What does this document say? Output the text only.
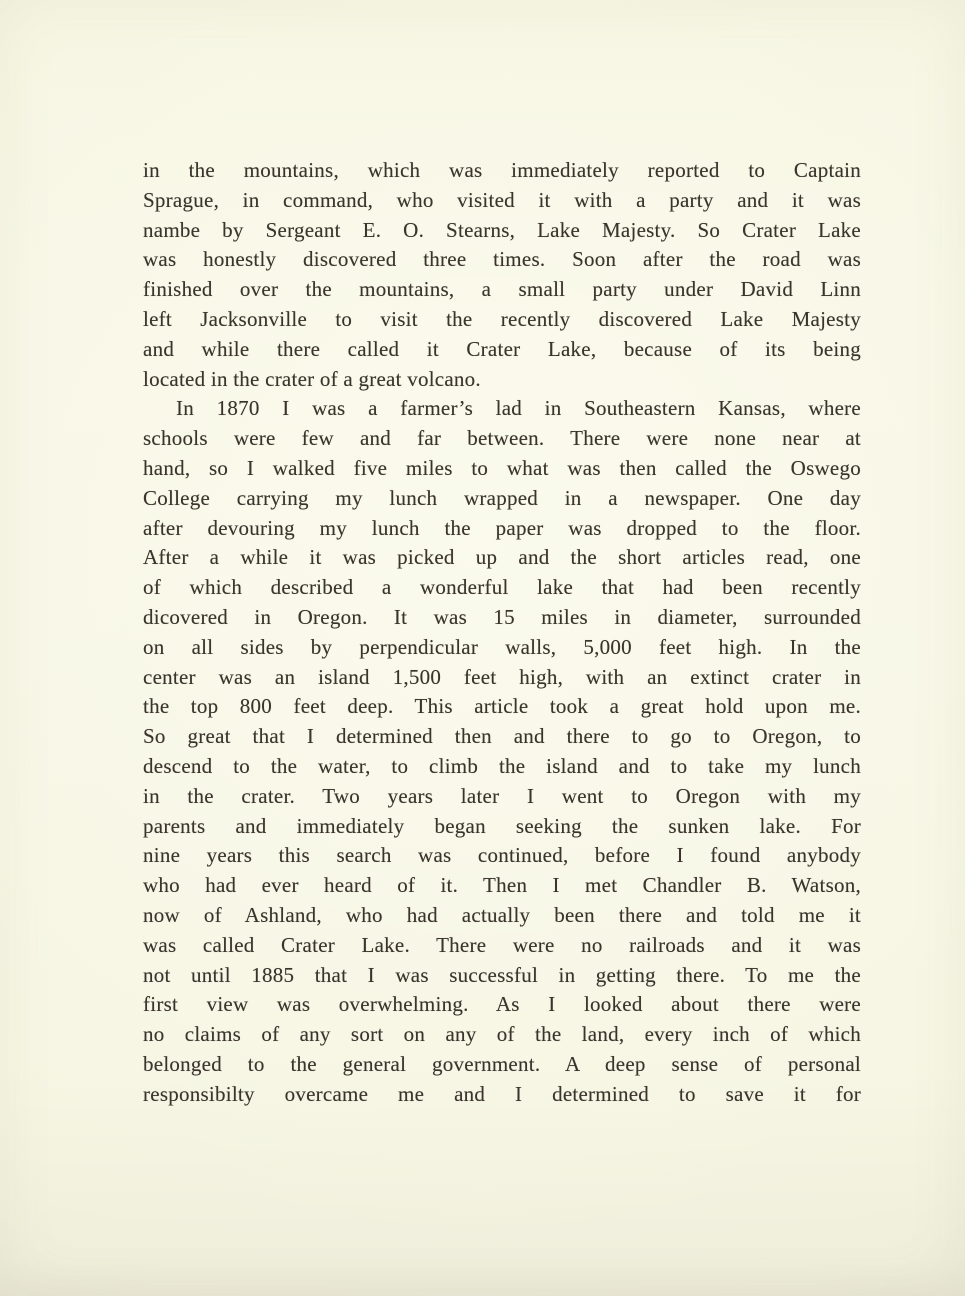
in the mountains, which was immediately reported to Captain
Sprague, in command, who visited it with a party and it was
nambe by Sergeant E. O. Stearns, Lake Majesty. So Crater Lake
was honestly discovered three times. Soon after the road was
finished over the mountains, a small party under David Linn
left Jacksonville to visit the recently discovered Lake Majesty
and while there called it Crater Lake, because of its being
located in the crater of a great volcano.
In 1870 I was a farmer’s lad in Southeastern Kansas, where
schools were few and far between. There were none near at
hand, so I walked five miles to what was then called the Oswego
College carrying my lunch wrapped in a newspaper. One day
after devouring my lunch the paper was dropped to the floor.
After a while it was picked up and the short articles read, one
of which described a wonderful lake that had been recently
dicovered in Oregon. It was 15 miles in diameter, surrounded
on all sides by perpendicular walls, 5,000 feet high. In the
center was an island 1,500 feet high, with an extinct crater in
the top 800 feet deep. This article took a great hold upon me.
So great that I determined then and there to go to Oregon, to
descend to the water, to climb the island and to take my lunch
in the crater. Two years later I went to Oregon with my
parents and immediately began seeking the sunken lake. For
nine years this search was continued, before I found anybody
who had ever heard of it. Then I met Chandler B. Watson,
now of Ashland, who had actually been there and told me it
was called Crater Lake. There were no railroads and it was
not until 1885 that I was successful in getting there. To me the
first view was overwhelming. As I looked about there were
no claims of any sort on any of the land, every inch of which
belonged to the general government. A deep sense of personal
responsibilty overcame me and I determined to save it for
